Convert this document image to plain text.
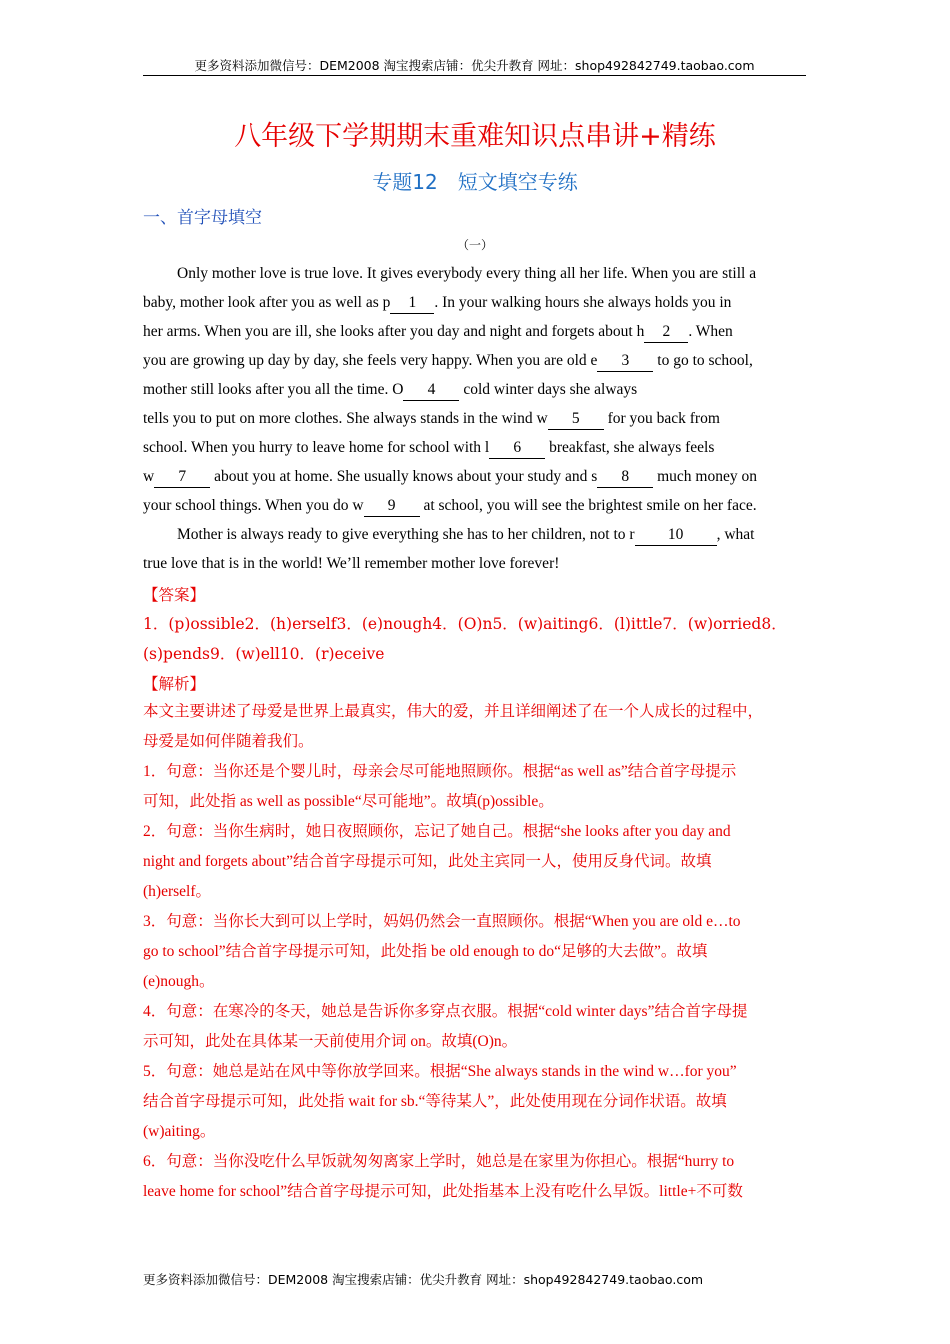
更多资料添加微信号：DEM2008 淘宝搜索店铺：优尖升教育 网址：shop492842749.taobao.com
八年级下学期期末重难知识点串讲+精练
专题12　短文填空专练
一、首字母填空
（一）
Only mother love is true love. It gives everybody every thing all her life. When you are still a
baby, mother look after you as well as p 1 . In your walking hours she always holds you in
her arms. When you are ill, she looks after you day and night and forgets about h 2 . When
you are growing up day by day, she feels very happy. When you are old e 3 to go to school,
mother still looks after you all the time. O 4 cold winter days she always
tells you to put on more clothes. She always stands in the wind w 5 for you back from
school. When you hurry to leave home for school with l 6 breakfast, she always feels
w 7 about you at home. She usually knows about your study and s 8 much money on
your school things. When you do w 9 at school, you will see the brightest smile on her face.
Mother is always ready to give everything she has to her children, not to r 10 , what
true love that is in the world! We’ll remember mother love forever!
【答案】
1．(p)ossible2．(h)erself3．(e)nough4．(O)n5．(w)aiting6．(l)ittle7．(w)orried8．
(s)pends9．(w)ell10．(r)eceive
【解析】
本文主要讲述了母爱是世界上最真实，伟大的爱，并且详细阐述了在一个人成长的过程中，
母爱是如何伴随着我们。
1．句意：当你还是个婴儿时，母亲会尽可能地照顾你。根据“as well as”结合首字母提示
可知，此处指 as well as possible“尽可能地”。故填(p)ossible。
2．句意：当你生病时，她日夜照顾你，忘记了她自己。根据“she looks after you day and
night and forgets about”结合首字母提示可知，此处主宾同一人，使用反身代词。故填
(h)erself。
3．句意：当你长大到可以上学时，妈妈仍然会一直照顾你。根据“When you are old e…to
go to school”结合首字母提示可知，此处指 be old enough to do“足够的大去做”。故填
(e)nough。
4．句意：在寒冷的冬天，她总是告诉你多穿点衣服。根据“cold winter days”结合首字母提
示可知，此处在具体某一天前使用介词 on。故填(O)n。
5．句意：她总是站在风中等你放学回来。根据“She always stands in the wind w…for you”
结合首字母提示可知，此处指 wait for sb.“等待某人”，此处使用现在分词作状语。故填
(w)aiting。
6．句意：当你没吃什么早饭就匆匆离家上学时，她总是在家里为你担心。根据“hurry to
leave home for school”结合首字母提示可知，此处指基本上没有吃什么早饭。little+不可数
更多资料添加微信号：DEM2008 淘宝搜索店铺：优尖升教育 网址：shop492842749.taobao.com
